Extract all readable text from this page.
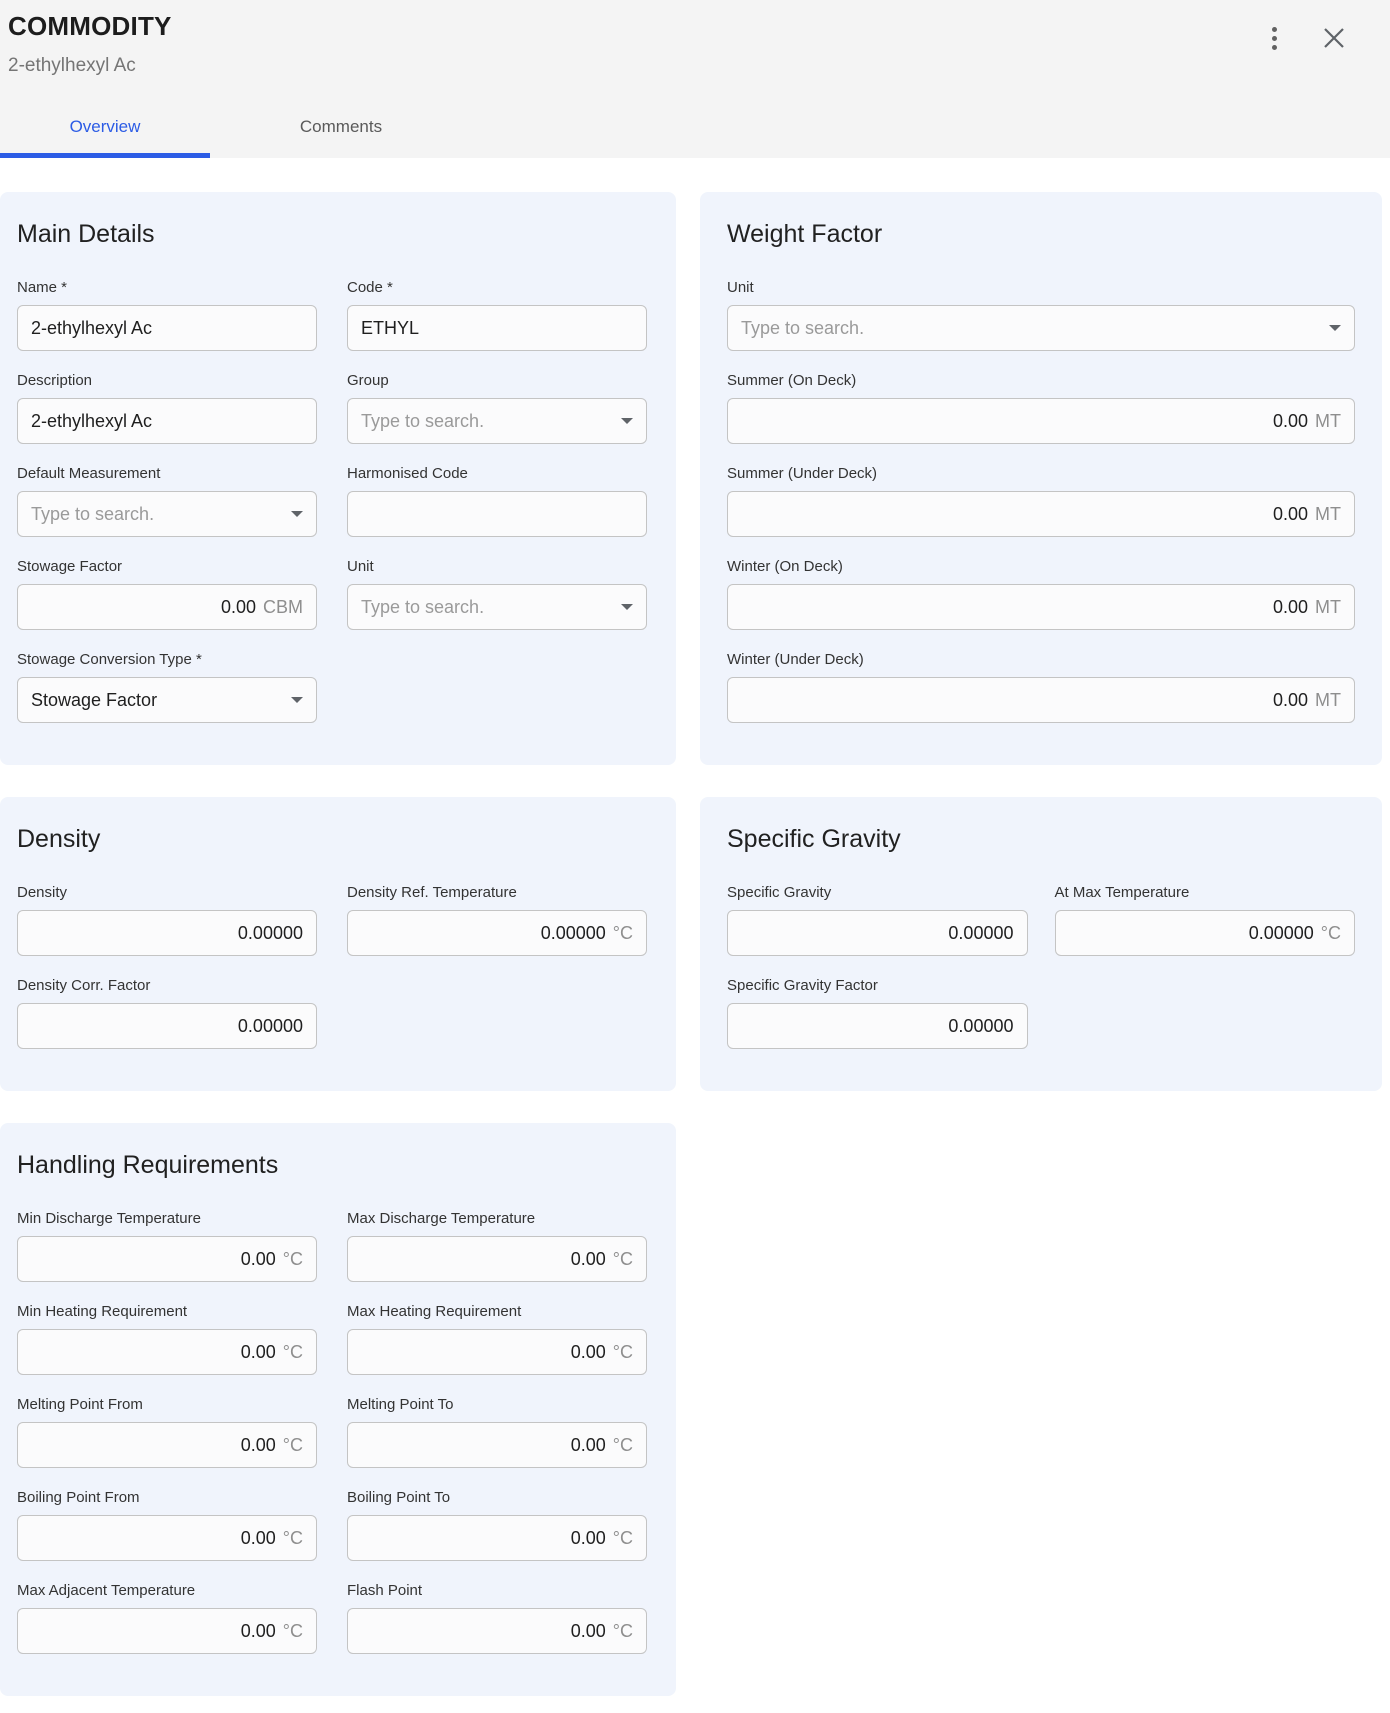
COMMODITY
2-ethylhexyl Ac
Overview	Comments
Main Details
Name *
2-ethylhexyl Ac
Code *
ETHYL
Description
2-ethylhexyl Ac
Group
Type to search.
Default Measurement
Type to search.
Harmonised Code
Stowage Factor
0.00 CBM
Unit
Type to search.
Stowage Conversion Type *
Stowage Factor
Weight Factor
Unit
Type to search.
Summer (On Deck)
0.00 MT
Summer (Under Deck)
0.00 MT
Winter (On Deck)
0.00 MT
Winter (Under Deck)
0.00 MT
Density
Density
0.00000
Density Ref. Temperature
0.00000 °C
Density Corr. Factor
0.00000
Specific Gravity
Specific Gravity
0.00000
At Max Temperature
0.00000 °C
Specific Gravity Factor
0.00000
Handling Requirements
Min Discharge Temperature
0.00 °C
Max Discharge Temperature
0.00 °C
Min Heating Requirement
0.00 °C
Max Heating Requirement
0.00 °C
Melting Point From
0.00 °C
Melting Point To
0.00 °C
Boiling Point From
0.00 °C
Boiling Point To
0.00 °C
Max Adjacent Temperature
0.00 °C
Flash Point
0.00 °C
